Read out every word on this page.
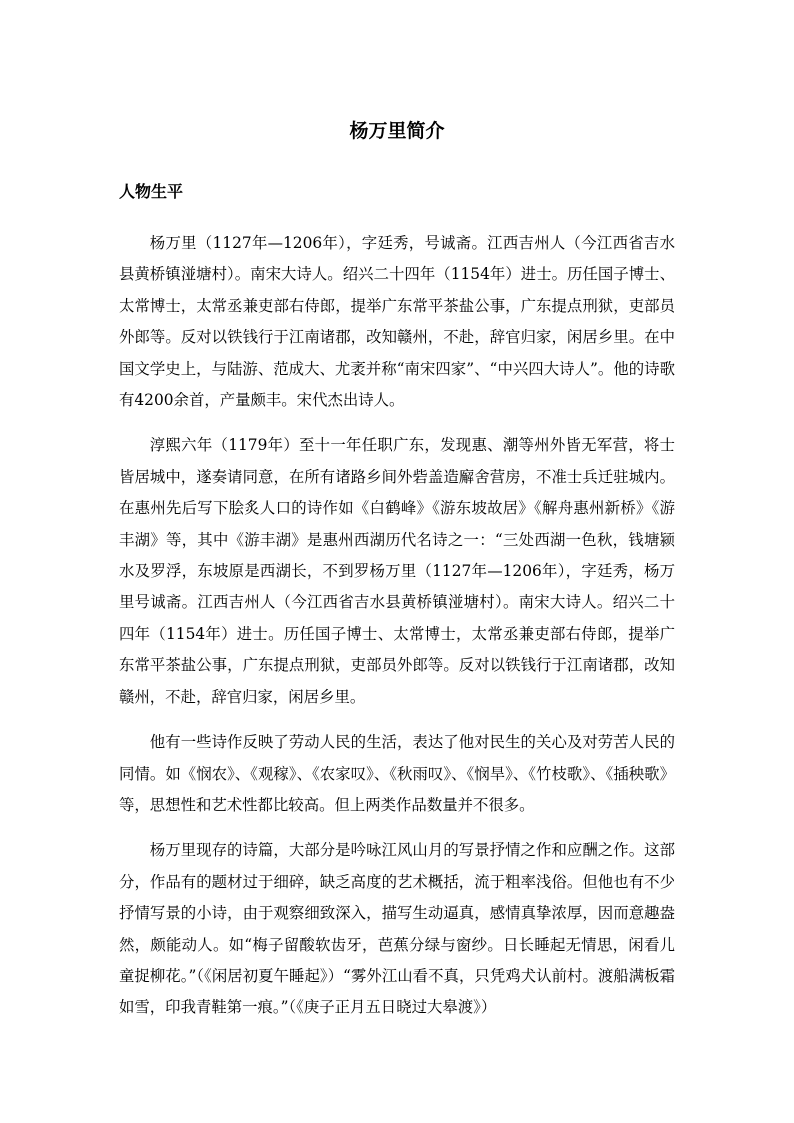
杨万里简介
人物生平

杨万里（1127年—1206年），字廷秀，号诚斋。江西吉州人（今江西省吉水县黄桥镇湴塘村）。南宋大诗人。绍兴二十四年（1154年）进士。历任国子博士、太常博士，太常丞兼吏部右侍郎，提举广东常平茶盐公事，广东提点刑狱，吏部员外郎等。反对以铁钱行于江南诸郡，改知赣州，不赴，辞官归家，闲居乡里。在中国文学史上，与陆游、范成大、尤袤并称“南宋四家”、“中兴四大诗人”。他的诗歌有4200余首，产量颇丰。宋代杰出诗人。

淳熙六年（1179年）至十一年任职广东，发现惠、潮等州外皆无军营，将士皆居城中，遂奏请同意，在所有诸路乡间外砦盖造廨舍营房，不准士兵迁驻城内。在惠州先后写下脍炙人口的诗作如《白鹤峰》《游东坡故居》《解舟惠州新桥》《游丰湖》等，其中《游丰湖》是惠州西湖历代名诗之一：“三处西湖一色秋，钱塘颍水及罗浮，东坡原是西湖长，不到罗杨万里（1127年—1206年），字廷秀，杨万里号诚斋。江西吉州人（今江西省吉水县黄桥镇湴塘村）。南宋大诗人。绍兴二十四年（1154年）进士。历任国子博士、太常博士，太常丞兼吏部右侍郎，提举广东常平茶盐公事，广东提点刑狱，吏部员外郎等。反对以铁钱行于江南诸郡，改知赣州，不赴，辞官归家，闲居乡里。

他有一些诗作反映了劳动人民的生活，表达了他对民生的关心及对劳苦人民的同情。如《悯农》、《观稼》、《农家叹》、《秋雨叹》、《悯旱》、《竹枝歌》、《插秧歌》等，思想性和艺术性都比较高。但上两类作品数量并不很多。

杨万里现存的诗篇，大部分是吟咏江风山月的写景抒情之作和应酬之作。这部分，作品有的题材过于细碎，缺乏高度的艺术概括，流于粗率浅俗。但他也有不少抒情写景的小诗，由于观察细致深入，描写生动逼真，感情真挚浓厚，因而意趣盎然，颇能动人。如“梅子留酸软齿牙，芭蕉分绿与窗纱。日长睡起无情思，闲看儿童捉柳花。”（《闲居初夏午睡起》）“雾外江山看不真，只凭鸡犬认前村。渡船满板霜如雪，印我青鞋第一痕。”（《庚子正月五日晓过大皋渡》）
